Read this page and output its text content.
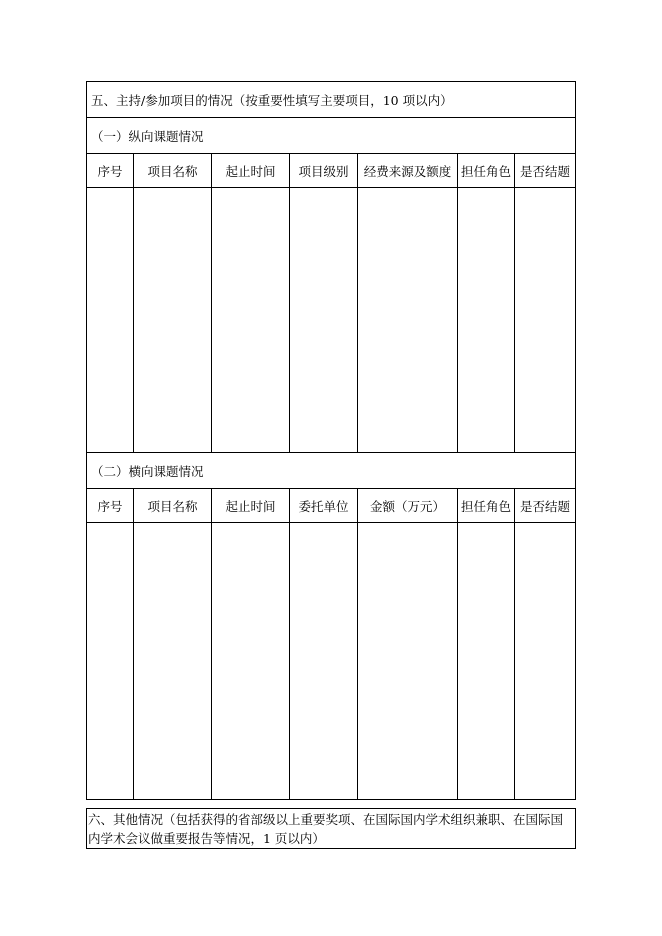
五、主持/参加项目的情况（按重要性填写主要项目，10 项以内）						
（一）纵向课题情况						
序号	项目名称	起止时间	项目级别	经费来源及额度	担任角色	是否结题

（二）横向课题情况						
序号	项目名称	起止时间	委托单位	金额（万元）	担任角色	是否结题

六、其他情况（包括获得的省部级以上重要奖项、在国际国内学术组织兼职、在国际国内学术会议做重要报告等情况，1 页以内）
